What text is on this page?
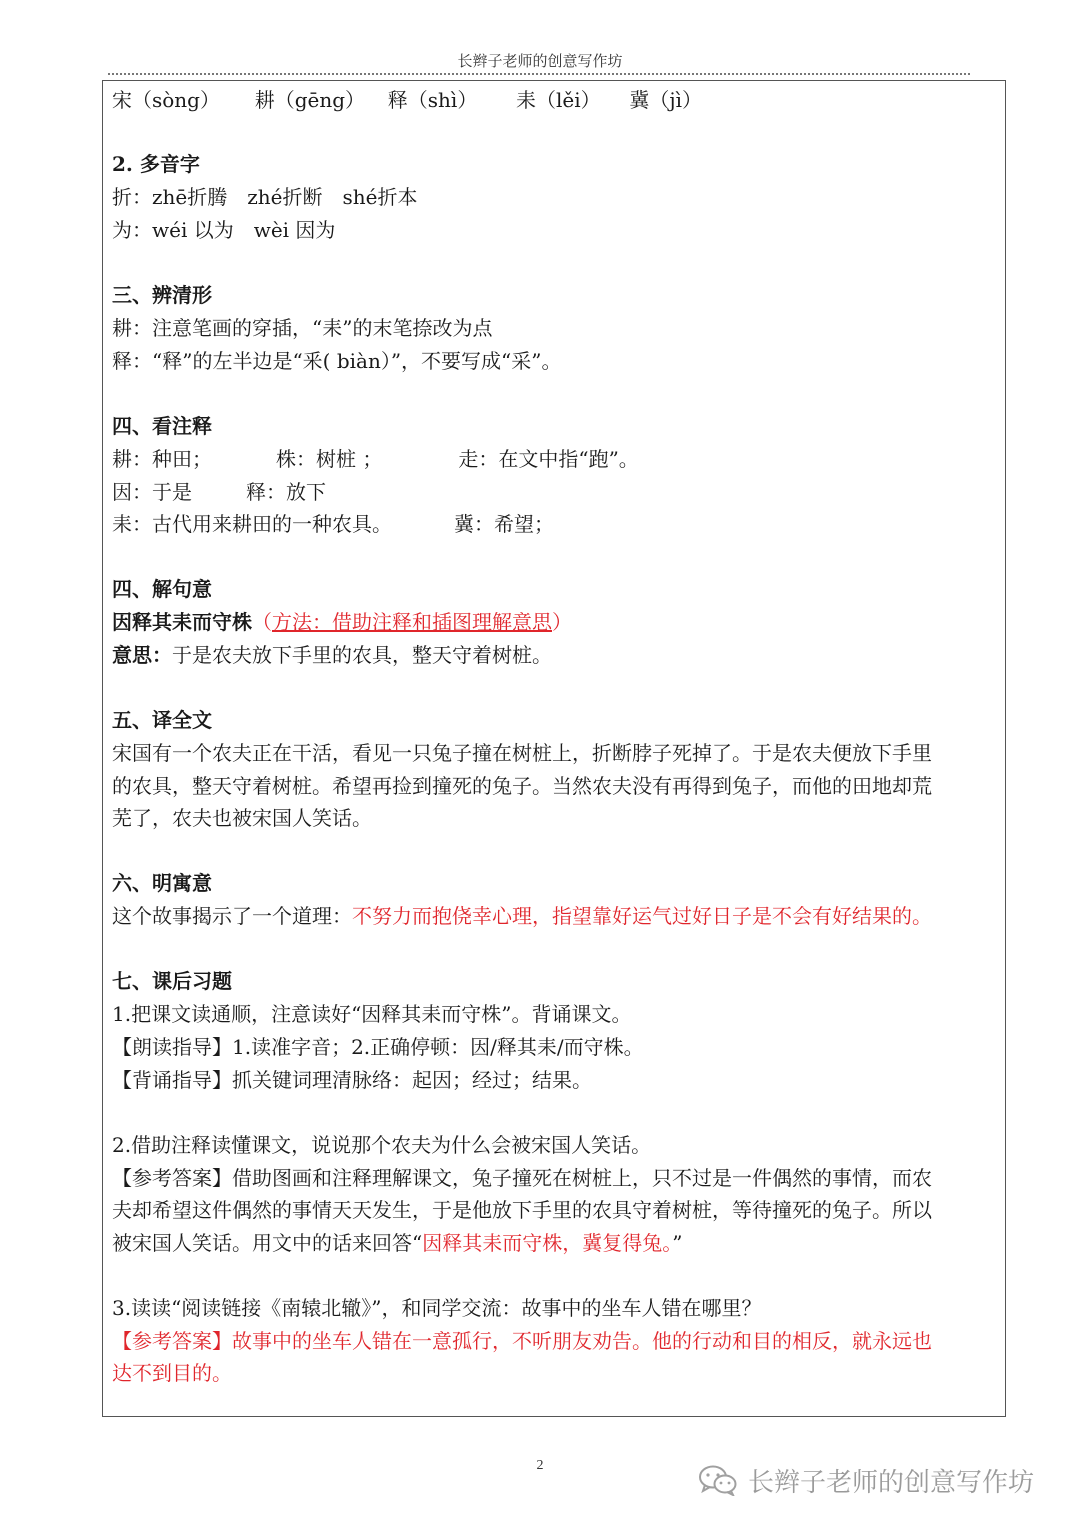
长辫子老师的创意写作坊
宋（sòng） 耕（gēng） 释（shì） 耒（lěi） 冀（jì）
2. 多音字
折：zhē折腾　zhé折断　shé折本
为：wéi 以为　wèi 因为
三、辨清形
耕：注意笔画的穿插，“耒”的末笔捺改为点
释：“释”的左半边是“釆( biàn）”，不要写成“采”。
四、看注释
耕：种田；	株：树桩 ；	走：在文中指“跑”。
因：于是	释：放下
耒：古代用来耕田的一种农具。	冀：希望；
四、解句意
因释其耒而守株（方法：借助注释和插图理解意思）
意思：于是农夫放下手里的农具，整天守着树桩。
五、译全文
宋国有一个农夫正在干活，看见一只兔子撞在树桩上，折断脖子死掉了。于是农夫便放下手里
的农具，整天守着树桩。希望再捡到撞死的兔子。当然农夫没有再得到兔子，而他的田地却荒
芜了，农夫也被宋国人笑话。
六、明寓意
这个故事揭示了一个道理：不努力而抱侥幸心理，指望靠好运气过好日子是不会有好结果的。
七、课后习题
1.把课文读通顺，注意读好“因释其耒而守株”。背诵课文。
【朗读指导】1.读准字音；2.正确停顿：因/释其耒/而守株。
【背诵指导】抓关键词理清脉络：起因；经过；结果。
2.借助注释读懂课文，说说那个农夫为什么会被宋国人笑话。
【参考答案】借助图画和注释理解课文，兔子撞死在树桩上，只不过是一件偶然的事情，而农
夫却希望这件偶然的事情天天发生，于是他放下手里的农具守着树桩，等待撞死的兔子。所以
被宋国人笑话。用文中的话来回答“因释其耒而守株，冀复得兔。”
3.读读“阅读链接《南辕北辙》”，和同学交流：故事中的坐车人错在哪里？
【参考答案】故事中的坐车人错在一意孤行，不听朋友劝告。他的行动和目的相反，就永远也
达不到目的。
2
长辫子老师的创意写作坊
